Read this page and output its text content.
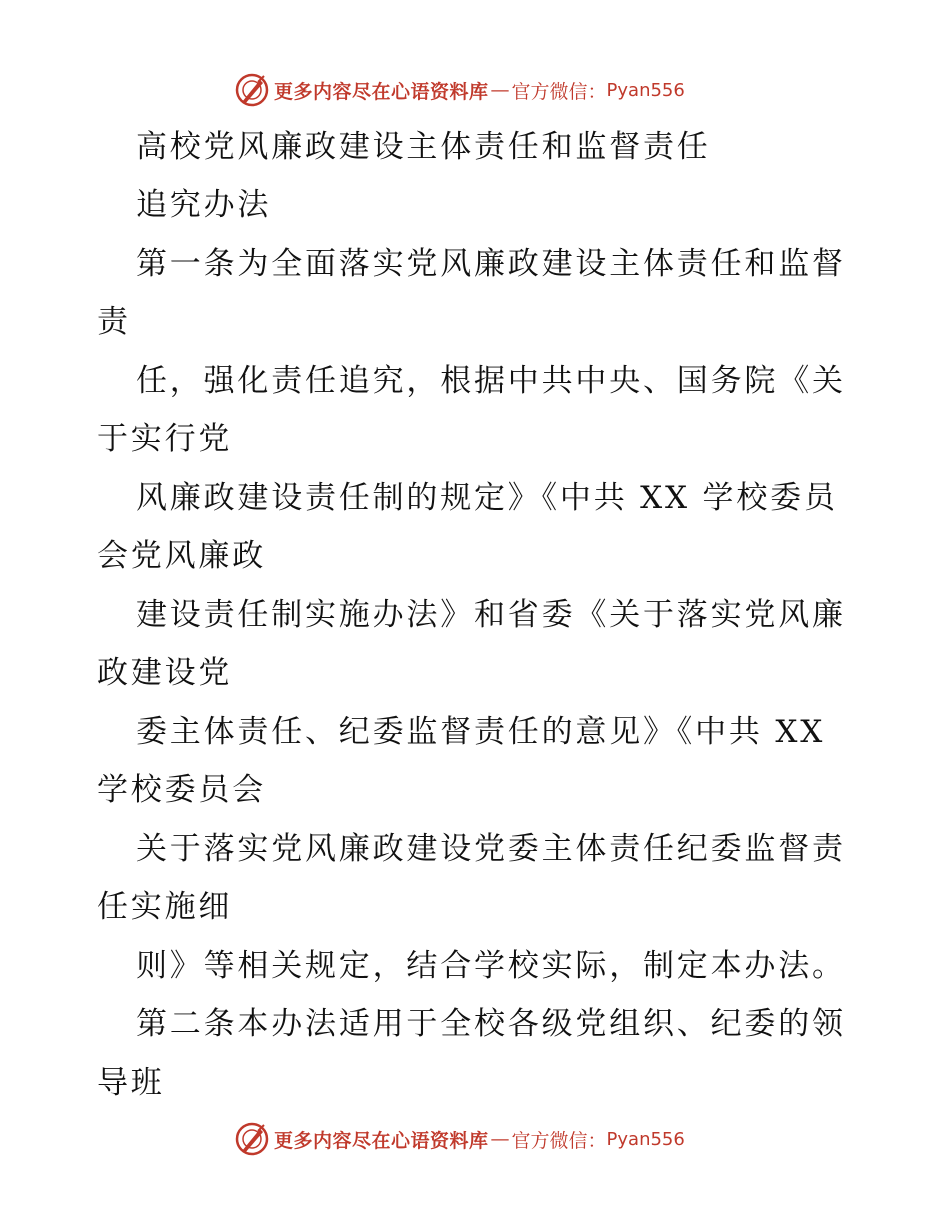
更多内容尽在心语资料库 — 官方微信： Pyan556
高校党风廉政建设主体责任和监督责任
追究办法
第一条为全面落实党风廉政建设主体责任和监督
责
任，强化责任追究，根据中共中央、国务院《关
于实行党
风廉政建设责任制的规定》《中共 XX 学校委员
会党风廉政
建设责任制实施办法》和省委《关于落实党风廉
政建设党
委主体责任、纪委监督责任的意见》《中共 XX
学校委员会
关于落实党风廉政建设党委主体责任纪委监督责
任实施细
则》等相关规定，结合学校实际，制定本办法。
第二条本办法适用于全校各级党组织、纪委的领
导班
更多内容尽在心语资料库 — 官方微信： Pyan556
